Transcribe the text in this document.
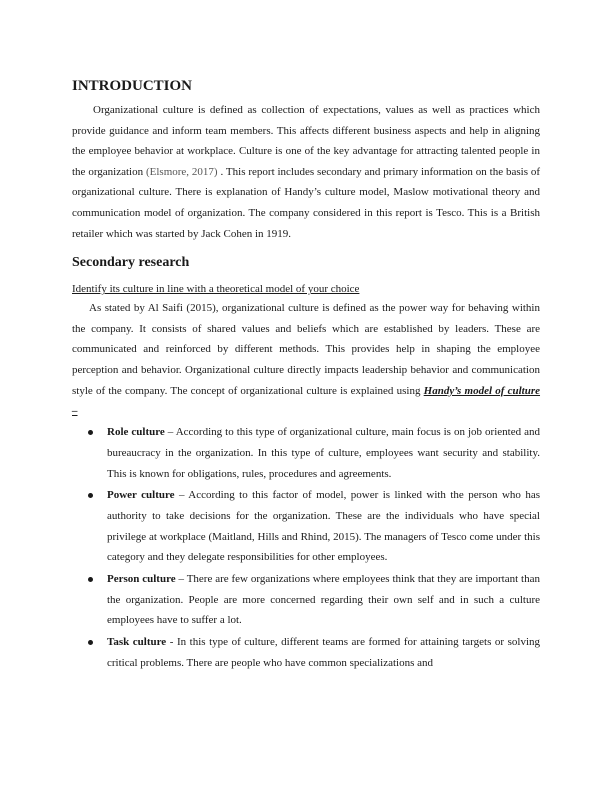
INTRODUCTION

Organizational culture is defined as collection of expectations, values as well as practices which provide guidance and inform team members. This affects different business aspects and help in aligning the employee behavior at workplace. Culture is one of the key advantage for attracting talented people in the organization (Elsmore, 2017) . This report includes secondary and primary information on the basis of organizational culture. There is explanation of Handy’s culture model, Maslow motivational theory and communication model of organization. The company considered in this report is Tesco. This is a British retailer which was started by Jack Cohen in 1919.

Secondary research
Identify its culture in line with a theoretical model of your choice

As stated by Al Saifi (2015), organizational culture is defined as the power way for behaving within the company. It consists of shared values and beliefs which are established by leaders. These are communicated and reinforced by different methods. This provides help in shaping the employee perception and behavior. Organizational culture directly impacts leadership behavior and communication style of the company. The concept of organizational culture is explained using Handy’s model of culture –

Role culture – According to this type of organizational culture, main focus is on job oriented and bureaucracy in the organization. In this type of culture, employees want security and stability. This is known for obligations, rules, procedures and agreements.

Power culture – According to this factor of model, power is linked with the person who has authority to take decisions for the organization. These are the individuals who have special privilege at workplace (Maitland, Hills and Rhind, 2015). The managers of Tesco come under this category and they delegate responsibilities for other employees.

Person culture – There are few organizations where employees think that they are important than the organization. People are more concerned regarding their own self and in such a culture employees have to suffer a lot.

Task culture - In this type of culture, different teams are formed for attaining targets or solving critical problems. There are people who have common specializations and
